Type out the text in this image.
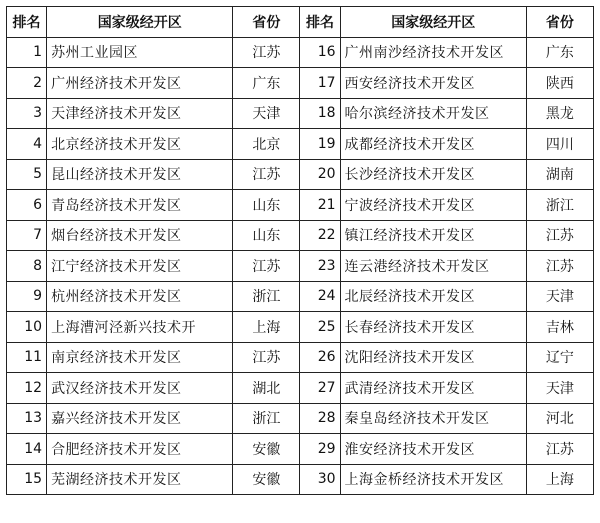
排名	国家级经开区	省份	排名	国家级经开区	省份
1	苏州工业园区	江苏	16	广州南沙经济技术开发区	广东
2	广州经济技术开发区	广东	17	西安经济技术开发区	陕西
3	天津经济技术开发区	天津	18	哈尔滨经济技术开发区	黑龙
4	北京经济技术开发区	北京	19	成都经济技术开发区	四川
5	昆山经济技术开发区	江苏	20	长沙经济技术开发区	湖南
6	青岛经济技术开发区	山东	21	宁波经济技术开发区	浙江
7	烟台经济技术开发区	山东	22	镇江经济技术开发区	江苏
8	江宁经济技术开发区	江苏	23	连云港经济技术开发区	江苏
9	杭州经济技术开发区	浙江	24	北辰经济技术开发区	天津
10	上海漕河泾新兴技术开	上海	25	长春经济技术开发区	吉林
11	南京经济技术开发区	江苏	26	沈阳经济技术开发区	辽宁
12	武汉经济技术开发区	湖北	27	武清经济技术开发区	天津
13	嘉兴经济技术开发区	浙江	28	秦皇岛经济技术开发区	河北
14	合肥经济技术开发区	安徽	29	淮安经济技术开发区	江苏
15	芜湖经济技术开发区	安徽	30	上海金桥经济技术开发区	上海
